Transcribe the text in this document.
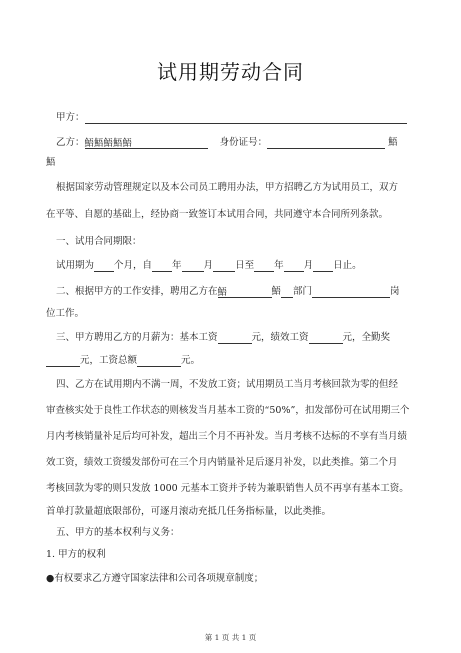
试用期劳动合同
甲方：
乙方：鯃鯃鯃鯃鯃	身份证号：	鯃
鯃
根据国家劳动管理规定以及本公司员工聘用办法，甲方招聘乙方为试用员工，双方
在平等、自愿的基础上，经协商一致签订本试用合同，共同遵守本合同所列条款。
一、试用合同期限：
试用期为 个月，自 年 月 日至 年 月 日止。
二、根据甲方的工作安排，聘用乙方在鯃	鯃 部门	岗
位工作。
三、甲方聘用乙方的月薪为：基本工资	元，绩效工资	元，全勤奖
元，工资总额	元。
四、乙方在试用期内不满一周，不发放工资；试用期员工当月考核回款为零的但经
审查核实处于良性工作状态的则核发当月基本工资的“50%”，扣发部份可在试用期三个
月内考核销量补足后均可补发，超出三个月不再补发。当月考核不达标的不享有当月绩
效工资，绩效工资缓发部份可在三个月内销量补足后逐月补发，以此类推。第二个月
考核回款为零的则只发放 1000 元基本工资并予转为兼职销售人员不再享有基本工资。
首单打款量超底限部份，可逐月滚动充抵几任务指标量，以此类推。
五、甲方的基本权利与义务：
1. 甲方的权利
●有权要求乙方遵守国家法律和公司各项规章制度；
第 1 页 共 1 页
